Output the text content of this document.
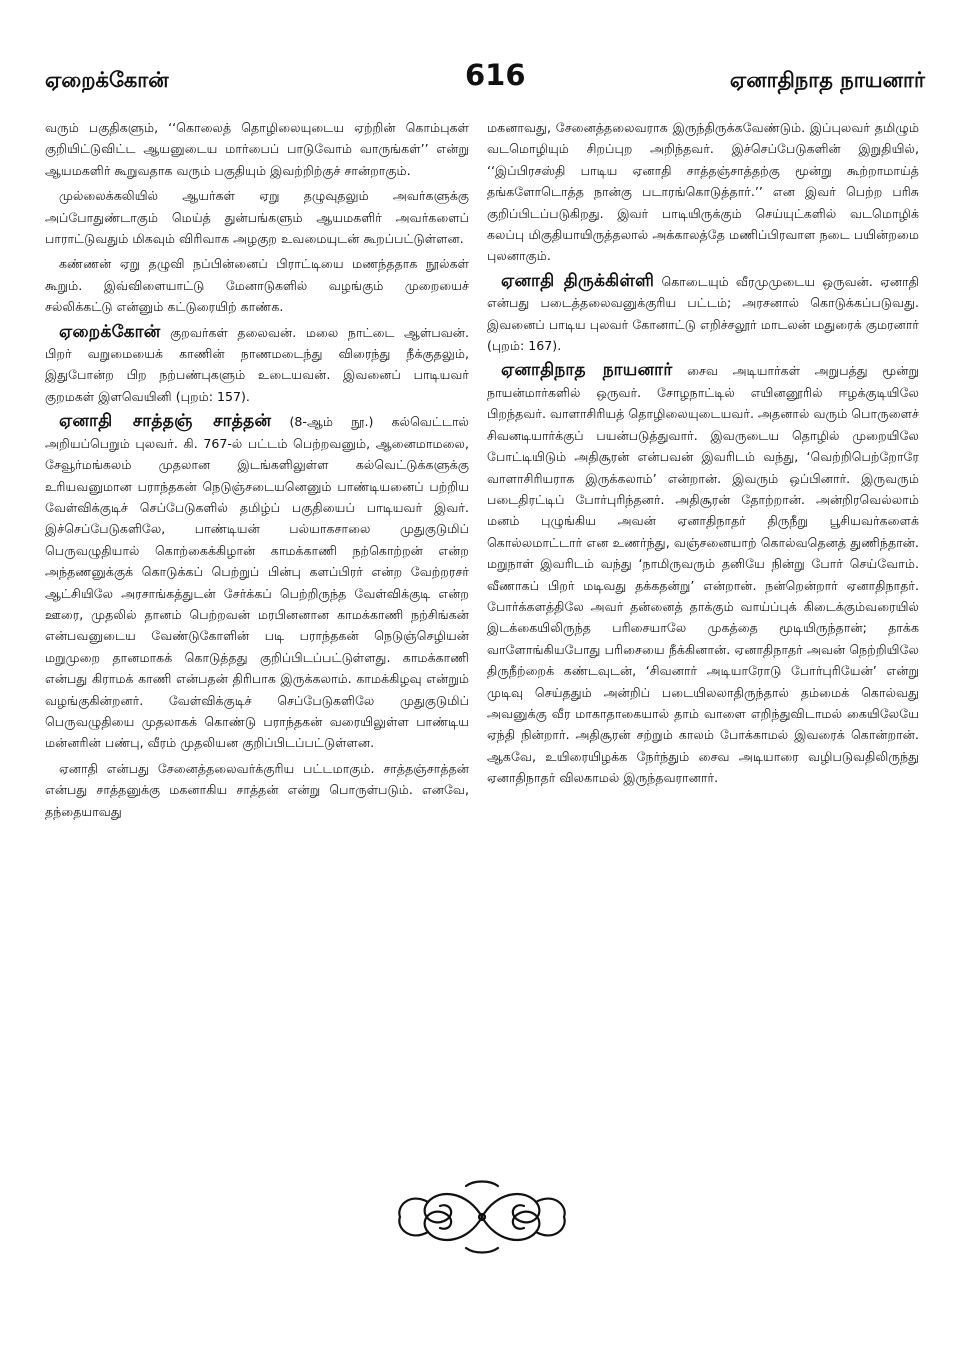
ஏறைக்கோன்	616	ஏனாதிநாத நாயனார்

வரும் பகுதிகளும், ‘‘கொலைத் தொழிலையுடைய ஏற்றின் கொம்புகள் குறியிட்டுவிட்ட ஆயனுடைய மார்பைப் பாடுவோம் வாருங்கள்’’ என்று ஆயமகளிர் கூறுவதாக வரும் பகுதியும் இவற்றிற்குச் சான்றாகும்.

முல்லைக்கலியில் ஆயர்கள் ஏறு தழுவுதலும் அவர்களுக்கு அப்போதுண்டாகும் மெய்த் துன்பங்களும் ஆயமகளிர் அவர்களைப் பாராட்டுவதும் மிகவும் விரிவாக அழகுற உவமையுடன் கூறப்பட்டுள்ளன.

கண்ணன் ஏறு தழுவி நப்பின்னைப் பிராட்டியை மணந்ததாக நூல்கள் கூறும். இவ்விளையாட்டு மேனாடுகளில் வழங்கும் முறையைச் சல்லிக்கட்டு என்னும் கட்டுரையிற் காண்க.

ஏறைக்கோன் குறவர்கள் தலைவன். மலை நாட்டை ஆள்பவன். பிறர் வறுமையைக் காணின் நாணமடைந்து விரைந்து நீக்குதலும், இதுபோன்ற பிற நற்பண்புகளும் உடையவன். இவனைப் பாடியவர் குறமகள் இளவெயினி (புறம்: 157).

ஏனாதி சாத்தஞ் சாத்தன் (8-ஆம் நூ.) கல்வெட்டால் அறியப்பெறும் புலவர். கி. 767-ல் பட்டம் பெற்றவனும், ஆனைமாமலை, சேவூர்மங்கலம் முதலான இடங்களிலுள்ள கல்வெட்டுக்களுக்கு உரியவனுமான பராந்தகன் நெடுஞ்சடையனெனும் பாண்டியனைப் பற்றிய வேள்விக்குடிச் செப்பேடுகளில் தமிழ்ப் பகுதியைப் பாடியவர் இவர். இச்செப்பேடுகளிலே, பாண்டியன் பல்யாகசாலை முதுகுடுமிப் பெருவழுதியால் கொற்கைக்கிழான் காமக்காணி நற்கொற்றன் என்ற அந்தணனுக்குக் கொடுக்கப் பெற்றுப் பின்பு களப்பிரர் என்ற வேற்றரசர் ஆட்சியிலே அரசாங்கத்துடன் சேர்க்கப் பெற்றிருந்த வேள்விக்குடி என்ற ஊரை, முதலில் தானம் பெற்றவன் மரபினனான காமக்காணி நற்சிங்கன் என்பவனுடைய வேண்டுகோளின் படி பராந்தகன் நெடுஞ்செழியன் மறுமுறை தானமாகக் கொடுத்தது குறிப்பிடப்பட்டுள்ளது. காமக்காணி என்பது கிராமக் காணி என்பதன் திரிபாக இருக்கலாம். காமக்கிழவு என்றும் வழங்குகின்றனர். வேள்விக்குடிச் செப்பேடுகளிலே முதுகுடுமிப் பெருவழுதியை முதலாகக் கொண்டு பராந்தகன் வரையிலுள்ள பாண்டிய மன்னரின் பண்பு, வீரம் முதலியன குறிப்பிடப்பட்டுள்ளன.

ஏனாதி என்பது சேனைத்தலைவர்க்குரிய பட்டமாகும். சாத்தஞ்சாத்தன் என்பது சாத்தனுக்கு மகனாகிய சாத்தன் என்று பொருள்படும். எனவே, தந்தையாவது

மகனாவது, சேனைத்தலைவராக இருந்திருக்கவேண்டும். இப்புலவர் தமிழும் வடமொழியும் சிறப்புற அறிந்தவர். இச்செப்பேடுகளின் இறுதியில், ‘‘இப்பிரசஸ்தி பாடிய ஏனாதி சாத்தஞ்சாத்தற்கு மூன்று கூற்றாமாய்த் தங்களோடொத்த நான்கு படாரங்கொடுத்தார்.’’ என இவர் பெற்ற பரிசு குறிப்பிடப்படுகிறது. இவர் பாடியிருக்கும் செய்யுட்களில் வடமொழிக் கலப்பு மிகுதியாயிருத்தலால் அக்காலத்தே மணிப்பிரவாள நடை பயின்றமை புலனாகும்.

ஏனாதி திருக்கிள்ளி கொடையும் வீரமுமுடைய ஒருவன். ஏனாதி என்பது படைத்தலைவனுக்குரிய பட்டம்; அரசனால் கொடுக்கப்படுவது. இவனைப் பாடிய புலவர் கோனாட்டு எறிச்சலூர் மாடலன் மதுரைக் குமரனார் (புறம்: 167).

ஏனாதிநாத நாயனார் சைவ அடியார்கள் அறுபத்து மூன்று நாயன்மார்களில் ஒருவர். சோழநாட்டில் எயினனூரில் ஈழக்குடியிலே பிறந்தவர். வாளாசிரியத் தொழிலையுடையவர். அதனால் வரும் பொருளைச் சிவனடியார்க்குப் பயன்படுத்துவார். இவருடைய தொழில் முறையிலே போட்டியிடும் அதிசூரன் என்பவன் இவரிடம் வந்து, ‘வெற்றிபெற்றோரே வாளாசிரியராக இருக்கலாம்’ என்றான். இவரும் ஒப்பினார். இருவரும் படைதிரட்டிப் போர்புரிந்தனர். அதிசூரன் தோற்றான். அன்றிரவெல்லாம் மனம் புழுங்கிய அவன் ஏனாதிநாதர் திருநீறு பூசியவர்களைக் கொல்லமாட்டார் என உணர்ந்து, வஞ்சனையாற் கொல்வதெனத் துணிந்தான். மறுநாள் இவரிடம் வந்து ‘நாமிருவரும் தனியே நின்று போர் செய்வோம். வீணாகப் பிறர் மடிவது தக்கதன்று’ என்றான். நன்றென்றார் ஏனாதிநாதர். போர்க்களத்திலே அவர் தன்னைத் தாக்கும் வாய்ப்புக் கிடைக்கும்வரையில் இடக்கையிலிருந்த பரிசையாலே முகத்தை மூடியிருந்தான்; தாக்க வாளோங்கியபோது பரிசையை நீக்கினான். ஏனாதிநாதர் அவன் நெற்றியிலே திருநீற்றைக் கண்டவுடன், ‘சிவனார் அடியாரோடு போர்புரியேன்’ என்று முடிவு செய்ததும் அன்றிப் படையிலலாதிருந்தால் தம்மைக் கொல்வது அவனுக்கு வீர மாகாதாகையால் தாம் வாளை எறிந்துவிடாமல் கையிலேயே ஏந்தி நின்றார். அதிசூரன் சற்றும் காலம் போக்காமல் இவரைக் கொன்றான். ஆகவே, உயிரையிழக்க நேர்ந்தும் சைவ அடியாரை வழிபடுவதிலிருந்து ஏனாதிநாதர் விலகாமல் இருந்தவரானார்.
